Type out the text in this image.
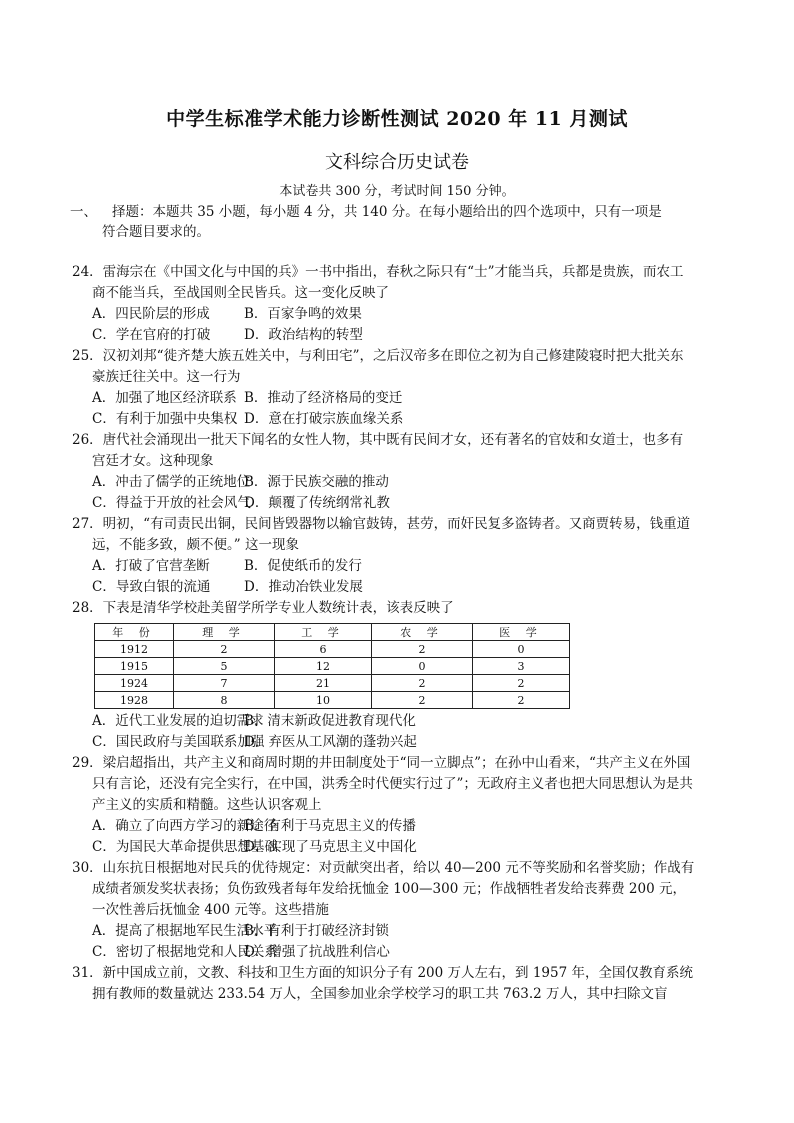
中学生标准学术能力诊断性测试 2020 年 11 月测试
文科综合历史试卷
本试卷共 300 分，考试时间 150 分钟。
一、 择题：本题共 35 小题，每小题 4 分，共 140 分。在每小题给出的四个选项中，只有一项是
符合题目要求的。

24．雷海宗在《中国文化与中国的兵》一书中指出，春秋之际只有“士”才能当兵，兵都是贵族，而农工商不能当兵，至战国则全民皆兵。这一变化反映了

A．四民阶层的形成	B．百家争鸣的效果

C．学在官府的打破 D．政治结构的转型

25．汉初刘邦“徙齐楚大族五姓关中，与利田宅”，之后汉帝多在即位之初为自己修建陵寝时把大批关东豪族迁往关中。这一行为

A．加强了地区经济联系 B．推动了经济格局的变迁

C．有利于加强中央集权 D．意在打破宗族血缘关系

26．唐代社会涌现出一批天下闻名的女性人物，其中既有民间才女，还有著名的官妓和女道士，也多有宫廷才女。这种现象

A．冲击了儒学的正统地位B．源于民族交融的推动

C．得益于开放的社会风气D．颠覆了传统纲常礼教

27．明初，“有司责民出铜，民间皆毁器物以输官鼓铸，甚劳，而奸民复多盗铸者。又商贾转易，钱重道远，不能多致，颇不便。” 这一现象

A．打破了官营垄断	B．促使纸币的发行

C．导致白银的流通 D．推动冶铁业发展

28．下表是清华学校赴美留学所学专业人数统计表，该表反映了

年 份	理 学	工 学	农 学	医 学
1912	2	6	2	0
1915	5	12	0	3
1924	7	21	2	2
1928	8	10	2	2

A．近代工业发展的迫切需求B．清末新政促进教育现代化

C．国民政府与美国联系加强D．弃医从工风潮的蓬勃兴起

29．梁启超指出，共产主义和商周时期的井田制度处于“同一立脚点”；在孙中山看来，“共产主义在外国只有言论，还没有完全实行，在中国，洪秀全时代便实行过了”；无政府主义者也把大同思想认为是共产主义的实质和精髓。这些认识客观上

A．确立了向西方学习的新途径B．有利于马克思主义的传播

C．为国民大革命提供思想基础D．实现了马克思主义中国化

30．山东抗日根据地对民兵的优待规定：对贡献突出者，给以 40—200 元不等奖励和名誉奖励；作战有成绩者颁发奖状表扬；负伤致残者每年发给抚恤金 100—300 元；作战牺牲者发给丧葬费 200 元，一次性善后抚恤金 400 元等。这些措施

A．提高了根据地军民生活水平B．有利于打破经济封锁

C．密切了根据地党和人民关系D．增强了抗战胜利信心

31．新中国成立前，文教、科技和卫生方面的知识分子有 200 万人左右，到 1957 年，全国仅教育系统拥有教师的数量就达 233.54 万人，全国参加业余学校学习的职工共 763.2 万人，其中扫除文盲
